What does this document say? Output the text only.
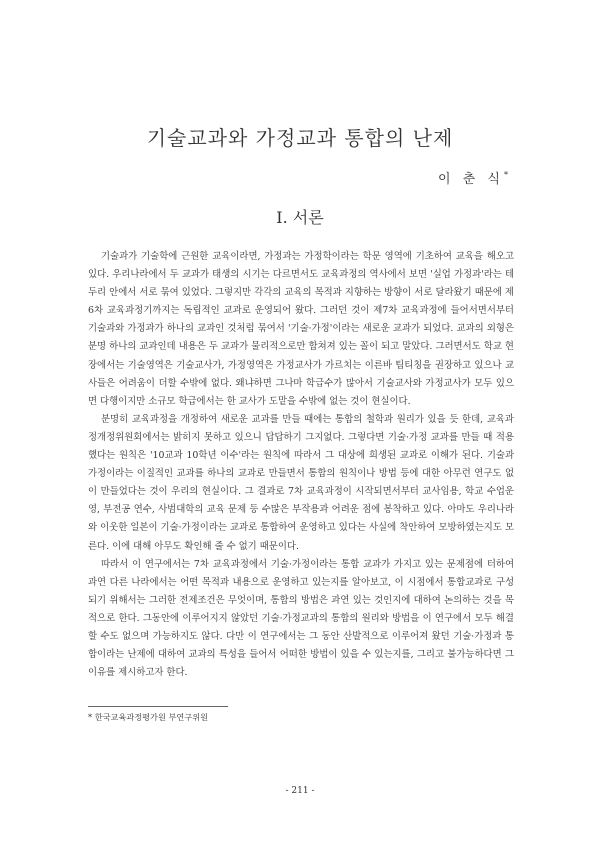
기술교과와 가정교과 통합의 난제
이 춘 식*
Ⅰ. 서론

기술과가 기술학에 근원한 교육이라면, 가정과는 가정학이라는 학문 영역에 기초하여 교육을 해오고 있다. 우리나라에서 두 교과가 태생의 시기는 다르면서도 교육과정의 역사에서 보면 '실업 가정과'라는 테두리 안에서 서로 묶여 있었다. 그렇지만 각각의 교육의 목적과 지향하는 방향이 서로 달라왔기 때문에 제6차 교육과정기까지는 독립적인 교과로 운영되어 왔다. 그러던 것이 제7차 교육과정에 들어서면서부터 기술과와 가정과가 하나의 교과인 것처럼 묶여서 '기술·가정'이라는 새로운 교과가 되었다. 교과의 외형은 분명 하나의 교과인데 내용은 두 교과가 물리적으로만 합쳐져 있는 꼴이 되고 말았다. 그러면서도 학교 현장에서는 기술영역은 기술교사가, 가정영역은 가정교사가 가르치는 이른바 팀티칭을 권장하고 있으나 교사들은 어려움이 더할 수밖에 없다. 왜냐하면 그나마 학급수가 많아서 기술교사와 가정교사가 모두 있으면 다행이지만 소규모 학급에서는 한 교사가 도맡을 수밖에 없는 것이 현실이다.

분명히 교육과정을 개정하여 새로운 교과를 만들 때에는 통합의 철학과 원리가 있을 듯 한데, 교육과정개정위원회에서는 밝히지 못하고 있으니 답답하기 그지없다. 그렇다면 기술·가정 교과를 만들 때 적용했다는 원칙은 '10교과 10학년 이수'라는 원칙에 따라서 그 대상에 희생된 교과로 이해가 된다. 기술과 가정이라는 이질적인 교과를 하나의 교과로 만들면서 통합의 원칙이나 방법 등에 대한 아무런 연구도 없이 만들었다는 것이 우리의 현실이다. 그 결과로 7차 교육과정이 시작되면서부터 교사임용, 학교 수업운영, 부전공 연수, 사범대학의 교육 문제 등 수많은 부작용과 어려운 점에 봉착하고 있다. 아마도 우리나라와 이웃한 일본이 기술·가정이라는 교과로 통합하여 운영하고 있다는 사실에 착안하여 모방하였는지도 모른다. 이에 대해 아무도 확인해 줄 수 없기 때문이다.

따라서 이 연구에서는 7차 교육과정에서 기술·가정이라는 통합 교과가 가지고 있는 문제점에 터하여 과연 다른 나라에서는 어떤 목적과 내용으로 운영하고 있는지를 알아보고, 이 시점에서 통합교과로 구성되기 위해서는 그러한 전제조건은 무엇이며, 통합의 방법은 과연 있는 것인지에 대하여 논의하는 것을 목적으로 한다. 그동안에 이루어지지 않았던 기술·가정교과의 통합의 원리와 방법을 이 연구에서 모두 해결할 수도 없으며 가능하지도 않다. 다만 이 연구에서는 그 동안 산발적으로 이루어져 왔던 기술·가정과 통합이라는 난제에 대하여 교과의 특성을 들어서 어떠한 방법이 있을 수 있는지를, 그리고 불가능하다면 그 이유를 제시하고자 한다.

* 한국교육과정평가원 부연구위원
- 211 -
